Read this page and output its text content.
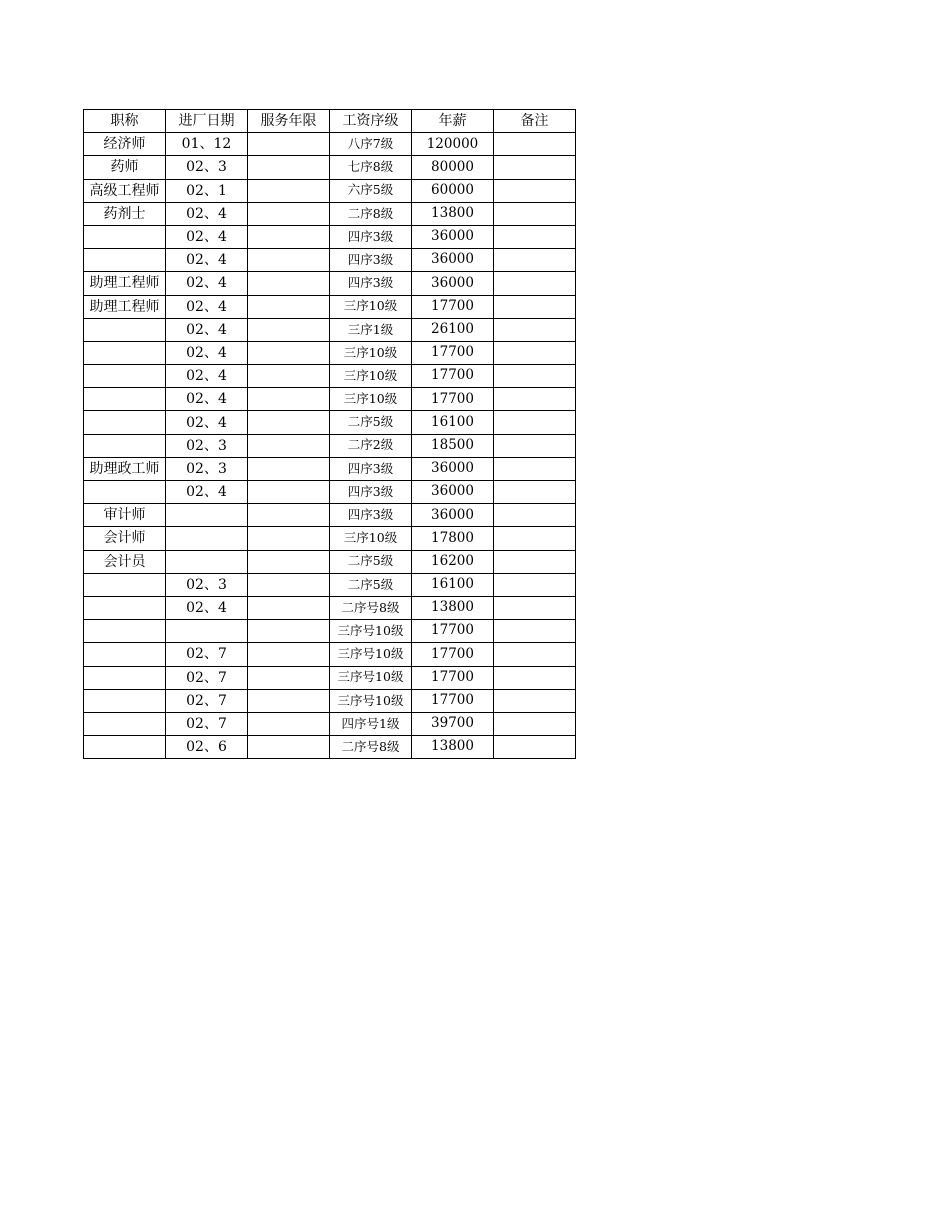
职称	进厂日期	服务年限	工资序级	年薪	备注
经济师	01、12		八序7级	120000	
药师	02、3		七序8级	80000	
高级工程师	02、1		六序5级	60000	
药剂士	02、4		二序8级	13800	
	02、4		四序3级	36000	
	02、4		四序3级	36000	
助理工程师	02、4		四序3级	36000	
助理工程师	02、4		三序10级	17700	
	02、4		三序1级	26100	
	02、4		三序10级	17700	
	02、4		三序10级	17700	
	02、4		三序10级	17700	
	02、4		二序5级	16100	
	02、3		二序2级	18500	
助理政工师	02、3		四序3级	36000	
	02、4		四序3级	36000	
审计师			四序3级	36000	
会计师			三序10级	17800	
会计员			二序5级	16200	
	02、3		二序5级	16100	
	02、4		二序号8级	13800	
			三序号10级	17700	
	02、7		三序号10级	17700	
	02、7		三序号10级	17700	
	02、7		三序号10级	17700	
	02、7		四序号1级	39700	
	02、6		二序号8级	13800	
